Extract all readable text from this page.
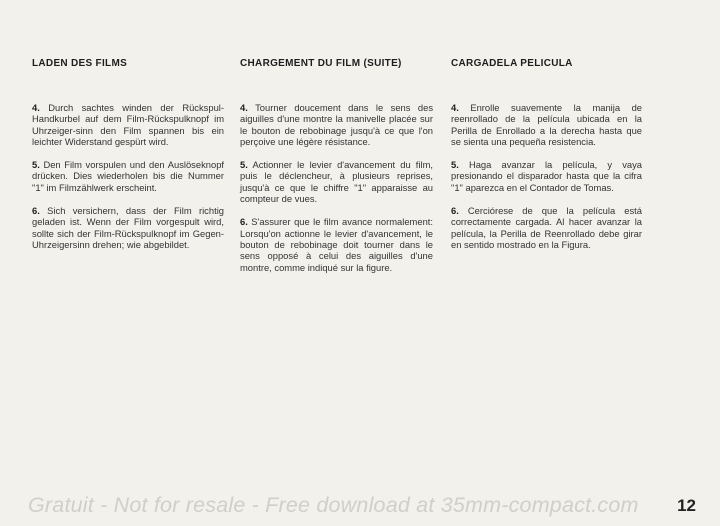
LADEN DES FILMS

4. Durch sachtes winden der Rückspul-Handkurbel auf dem Film-Rückspulknopf im Uhrzeiger-sinn den Film spannen bis ein leichter Widerstand gespürt wird.

5. Den Film vorspulen und den Auslöseknopf drücken. Dies wiederholen bis die Nummer "1" im Filmzählwerk erscheint.

6. Sich versichern, dass der Film richtig geladen ist. Wenn der Film vorgespult wird, sollte sich der Film-Rückspulknopf im Gegen-Uhrzeigersinn drehen; wie abgebildet.

CHARGEMENT DU FILM (SUITE)

4. Tourner doucement dans le sens des aiguilles d'une montre la manivelle placée sur le bouton de rebobinage jusqu'à ce que l'on perçoive une légère résistance.

5. Actionner le levier d'avancement du film, puis le déclencheur, à plusieurs reprises, jusqu'à ce que le chiffre "1" apparaisse au compteur de vues.

6. S'assurer que le film avance normalement: Lorsqu'on actionne le levier d'avancement, le bouton de rebobinage doit tourner dans le sens opposé à celui des aiguilles d'une montre, comme indiqué sur la figure.

CARGADELA PELICULA

4. Enrolle suavemente la manija de reenrollado de la película ubicada en la Perilla de Enrollado a la derecha hasta que se sienta una pequeña resistencia.

5. Haga avanzar la película, y vaya presionando el disparador hasta que la cifra "1" aparezca en el Contador de Tomas.

6. Cerciórese de que la película está correctamente cargada. Al hacer avanzar la película, la Perilla de Reenrollado debe girar en sentido mostrado en la Figura.

Gratuit - Not for resale - Free download at 35mm-compact.com 12
